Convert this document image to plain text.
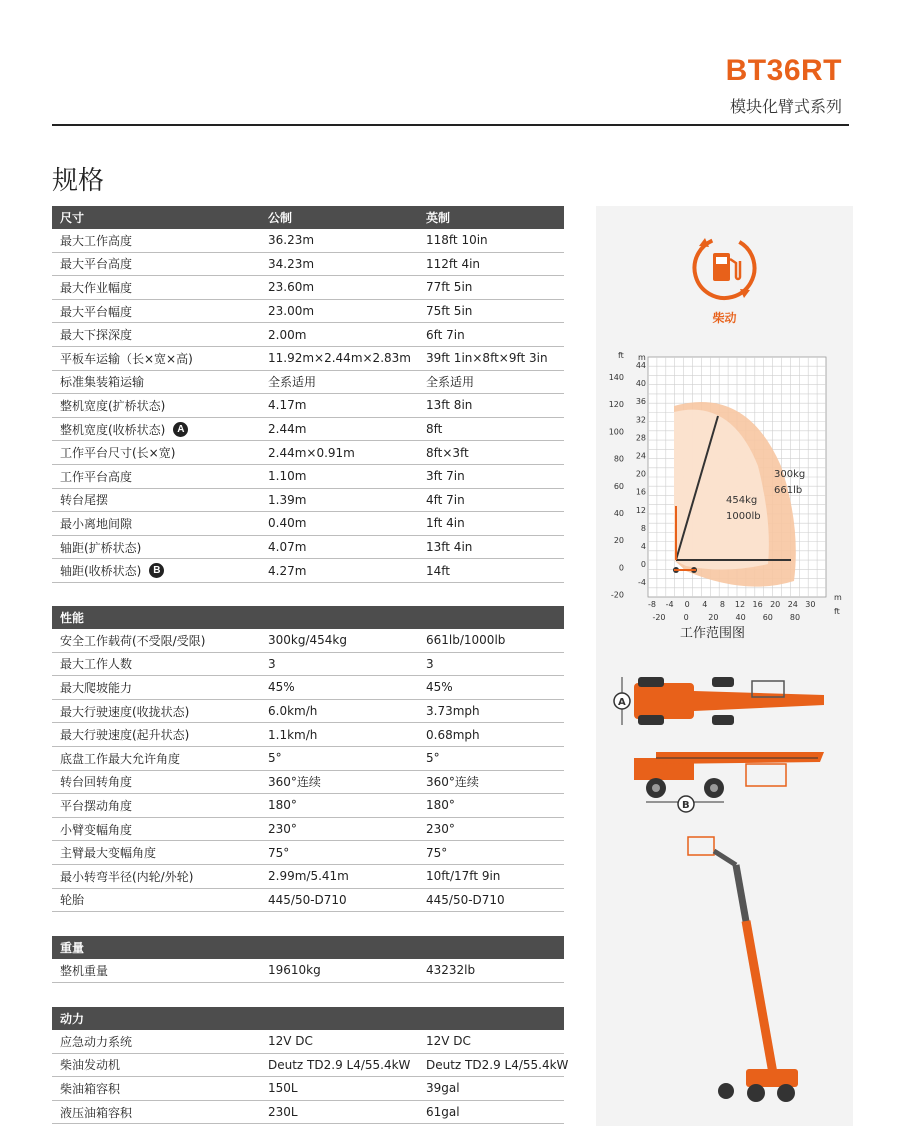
BT36RT
模块化臂式系列
规格
尺寸	公制	英制
最大工作高度	36.23m	118ft 10in
最大平台高度	34.23m	112ft 4in
最大作业幅度	23.60m	77ft 5in
最大平台幅度	23.00m	75ft 5in
最大下探深度	2.00m	6ft 7in
平板车运输（长×宽×高)	11.92m×2.44m×2.83m	39ft 1in×8ft×9ft 3in
标准集装箱运输	全系适用	全系适用
整机宽度(扩桥状态)	4.17m	13ft 8in
整机宽度(收桥状态)	A	2.44m	8ft
工作平台尺寸(长×宽)	2.44m×0.91m	8ft×3ft
工作平台高度	1.10m	3ft 7in
转台尾摆	1.39m	4ft 7in
最小离地间隙	0.40m	1ft 4in
轴距(扩桥状态)	4.07m	13ft 4in
轴距(收桥状态)	B	4.27m	14ft
性能
安全工作载荷(不受限/受限)	300kg/454kg	661lb/1000lb
最大工作人数	3	3
最大爬坡能力	45%	45%
最大行驶速度(收拢状态)	6.0km/h	3.73mph
最大行驶速度(起升状态)	1.1km/h	0.68mph
底盘工作最大允许角度	5°	5°
转台回转角度	360°连续	360°连续
平台摆动角度	180°	180°
小臂变幅角度	230°	230°
主臂最大变幅角度	75°	75°
最小转弯半径(内轮/外轮)	2.99m/5.41m	10ft/17ft 9in
轮胎	445/50-D710	445/50-D710
重量
整机重量	19610kg	43232lb
动力
应急动力系统	12V DC	12V DC
柴油发动机	Deutz TD2.9 L4/55.4kW	Deutz TD2.9 L4/55.4kW
柴油箱容积	150L	39gal
液压油箱容积	230L	61gal
柴动
300kg
661lb
454kg
1000lb
ft m
m
ft
140
120
100
80
60
40
20
0
-20
44
40
36
32
28
24
20
16
12
8
4
0
-4
-8 -4 0 4 8 12 16 20 24 30
-20 0 20 40 60 80
工作范围图
A
B
